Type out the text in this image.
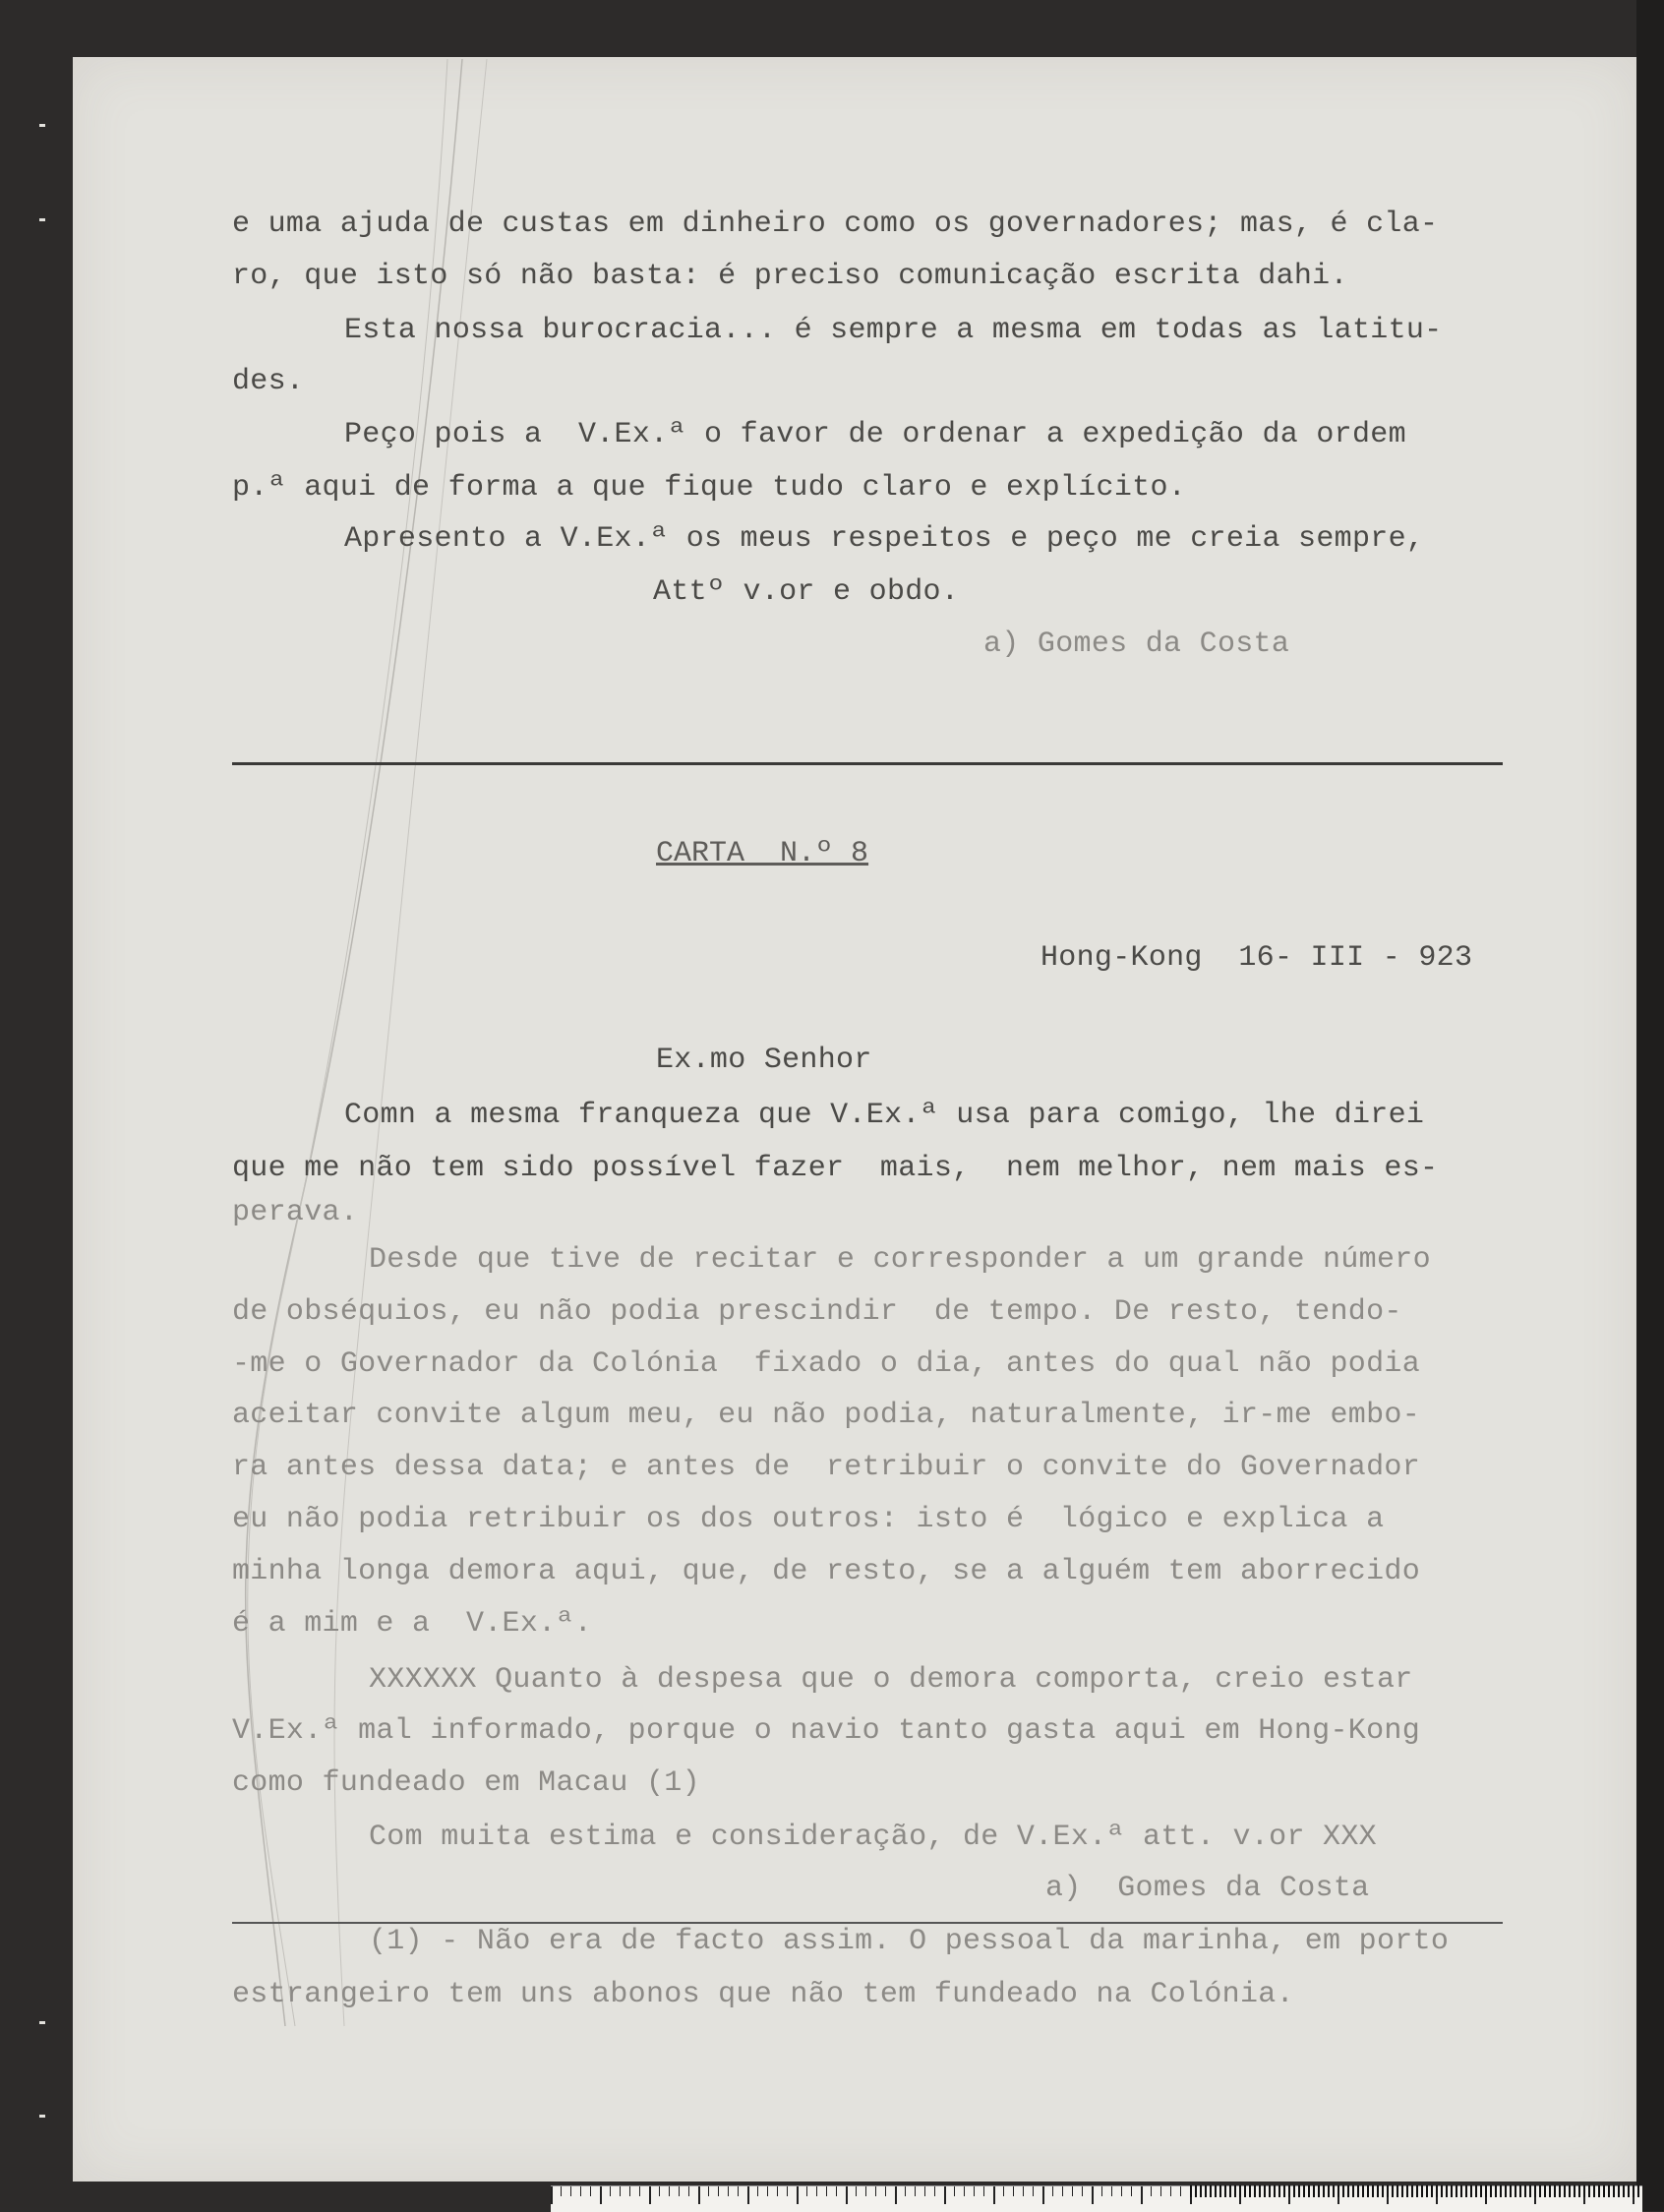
e uma ajuda de custas em dinheiro como os governadores; mas, é cla-
ro, que isto só não basta: é preciso comunicação escrita dahi.
Esta nossa burocracia... é sempre a mesma em todas as latitu-
des.
Peço pois a  V.Ex.ª o favor de ordenar a expedição da ordem
p.ª aqui de forma a que fique tudo claro e explícito.
Apresento a V.Ex.ª os meus respeitos e peço me creia sempre,
Attº v.or e obdo.
a) Gomes da Costa
CARTA  N.º 8
Hong-Kong  16- III - 923
Ex.mo Senhor
Comn a mesma franqueza que V.Ex.ª usa para comigo, lhe direi
que me não tem sido possível fazer  mais,  nem melhor, nem mais es-
perava.
Desde que tive de recitar e corresponder a um grande número
de obséquios, eu não podia prescindir  de tempo. De resto, tendo-
-me o Governador da Colónia  fixado o dia, antes do qual não podia
aceitar convite algum meu, eu não podia, naturalmente, ir-me embo-
ra antes dessa data; e antes de  retribuir o convite do Governador
eu não podia retribuir os dos outros: isto é  lógico e explica a
minha longa demora aqui, que, de resto, se a alguém tem aborrecido
é a mim e a  V.Ex.ª.
XXXXXX Quanto à despesa que o demora comporta, creio estar
V.Ex.ª mal informado, porque o navio tanto gasta aqui em Hong-Kong
como fundeado em Macau (1)
Com muita estima e consideração, de V.Ex.ª att. v.or XXX
a)  Gomes da Costa
(1) - Não era de facto assim. O pessoal da marinha, em porto
estrangeiro tem uns abonos que não tem fundeado na Colónia.
